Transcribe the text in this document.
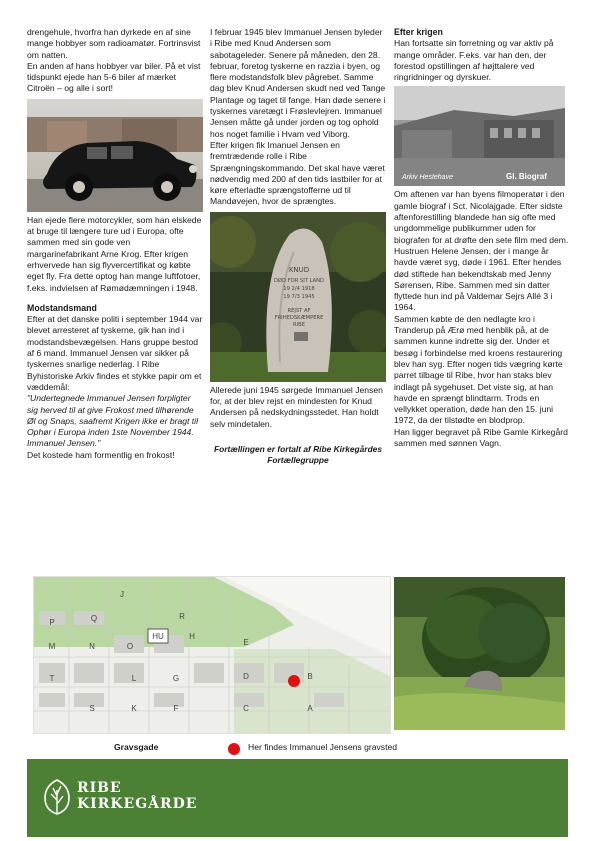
drengehule, hvorfra han dyrkede en af sine mange hobbyer som radioamatør. Fortrinsvist om natten.

En anden af hans hobbyer var biler. På et vist tidspunkt ejede han 5-6 biler af mærket Citroën – og alle i sort!

Han ejede flere motorcykler, som han elskede at bruge til længere ture ud i Europa, ofte sammen med sin gode ven margarinefabrikant Arne Krog. Efter krigen erhvervede han sig flyvercertifikat og købte eget fly. Fra dette optog han mange luftfotoer, f.eks. indvielsen af Rømødæmningen i 1948.

Modstandsmand

Efter at det danske politi i september 1944 var blevet arresteret af tyskerne, gik han ind i modstandsbevægelsen. Hans gruppe bestod af 6 mand. Immanuel Jensen var sikker på tyskernes snarlige nederlag. I Ribe Byhistoriske Arkiv findes et stykke papir om et væddemål:

"Undertegnede Immanuel Jensen forpligter sig herved til at give Frokost med tilhørende Øl og Snaps, saafremt Krigen ikke er bragt til Ophør i Europa inden 1ste November 1944. Immanuel Jensen."

Det kostede ham formentlig en frokost!

I februar 1945 blev Immanuel Jensen byleder i Ribe med Knud Andersen som sabotageleder. Senere på måneden, den 28. februar, foretog tyskerne en razzia i byen, og flere modstandsfolk blev pågrebet. Samme dag blev Knud Andersen skudt ned ved Tange Plantage og taget til fange. Han døde senere i tyskernes varetægt i Frøslevlejren. Immanuel Jensen måtte gå under jorden og tog ophold hos noget familie i Hvam ved Viborg.

Efter krigen fik Imanuel Jensen en fremtrædende rolle i Ribe Sprængningskommando. Det skal have været nødvendig med 200 af den tids lastbiler for at køre efterladte sprængstofferne ud til Mandøvejen, hvor de sprængtes.

KNUD
DØD FOR SIT LAND
19 2/4 1918
19 7/3 1945
REJST AF
FRIHEDSKÆMPERE
RIBE

Allerede juni 1945 sørgede Immanuel Jensen for, at der blev rejst en mindesten for Knud Andersen på nedskydningsstedet. Han holdt selv mindetalen.

Fortællingen er fortalt af Ribe Kirkegårdes Fortællegruppe
Efter krigen

Han fortsatte sin forretning og var aktiv på mange områder. F.eks. var han den, der forestod opstillingen af højttalere ved ringridninger og dyrskuer.

Arkiv Hestehave	Gl. Biograf

Om aftenen var han byens filmoperatør i den gamle biograf i Sct. Nicolajgade. Efter sidste aftenforestilling blandede han sig ofte med ungdommelige publikummer uden for biografen for at drøfte den sete film med dem.

Hustruen Helene Jensen, der i mange år havde været syg, døde i 1961. Efter hendes død stiftede han bekendtskab med Jenny Sørensen, Ribe. Sammen med sin datter flyttede hun ind på Valdemar Sejrs Allé 3 i 1964.

Sammen købte de den nedlagte kro i Tranderup på Ærø med henblik på, at de sammen kunne indrette sig der. Under et besøg i forbindelse med kroens restaurering blev han syg. Efter nogen tids vægring kørte parret tilbage til Ribe, hvor han staks blev indlagt på sygehuset. Det viste sig, at han havde en sprængt blindtarm. Trods en vellykket operation, døde han den 15. juni 1972, da der tilstødte en blodprop.

Han ligger begravet på Ribe Gamle Kirkegård sammen med sønnen Vagn.

P	Q
J
M	N	O
R
HU	H
E
L	G	D	B
K	F	C	A
T
S
Gravsgade	Her findes Immanuel Jensens gravsted
RIBE
KIRKEGÅRDE
